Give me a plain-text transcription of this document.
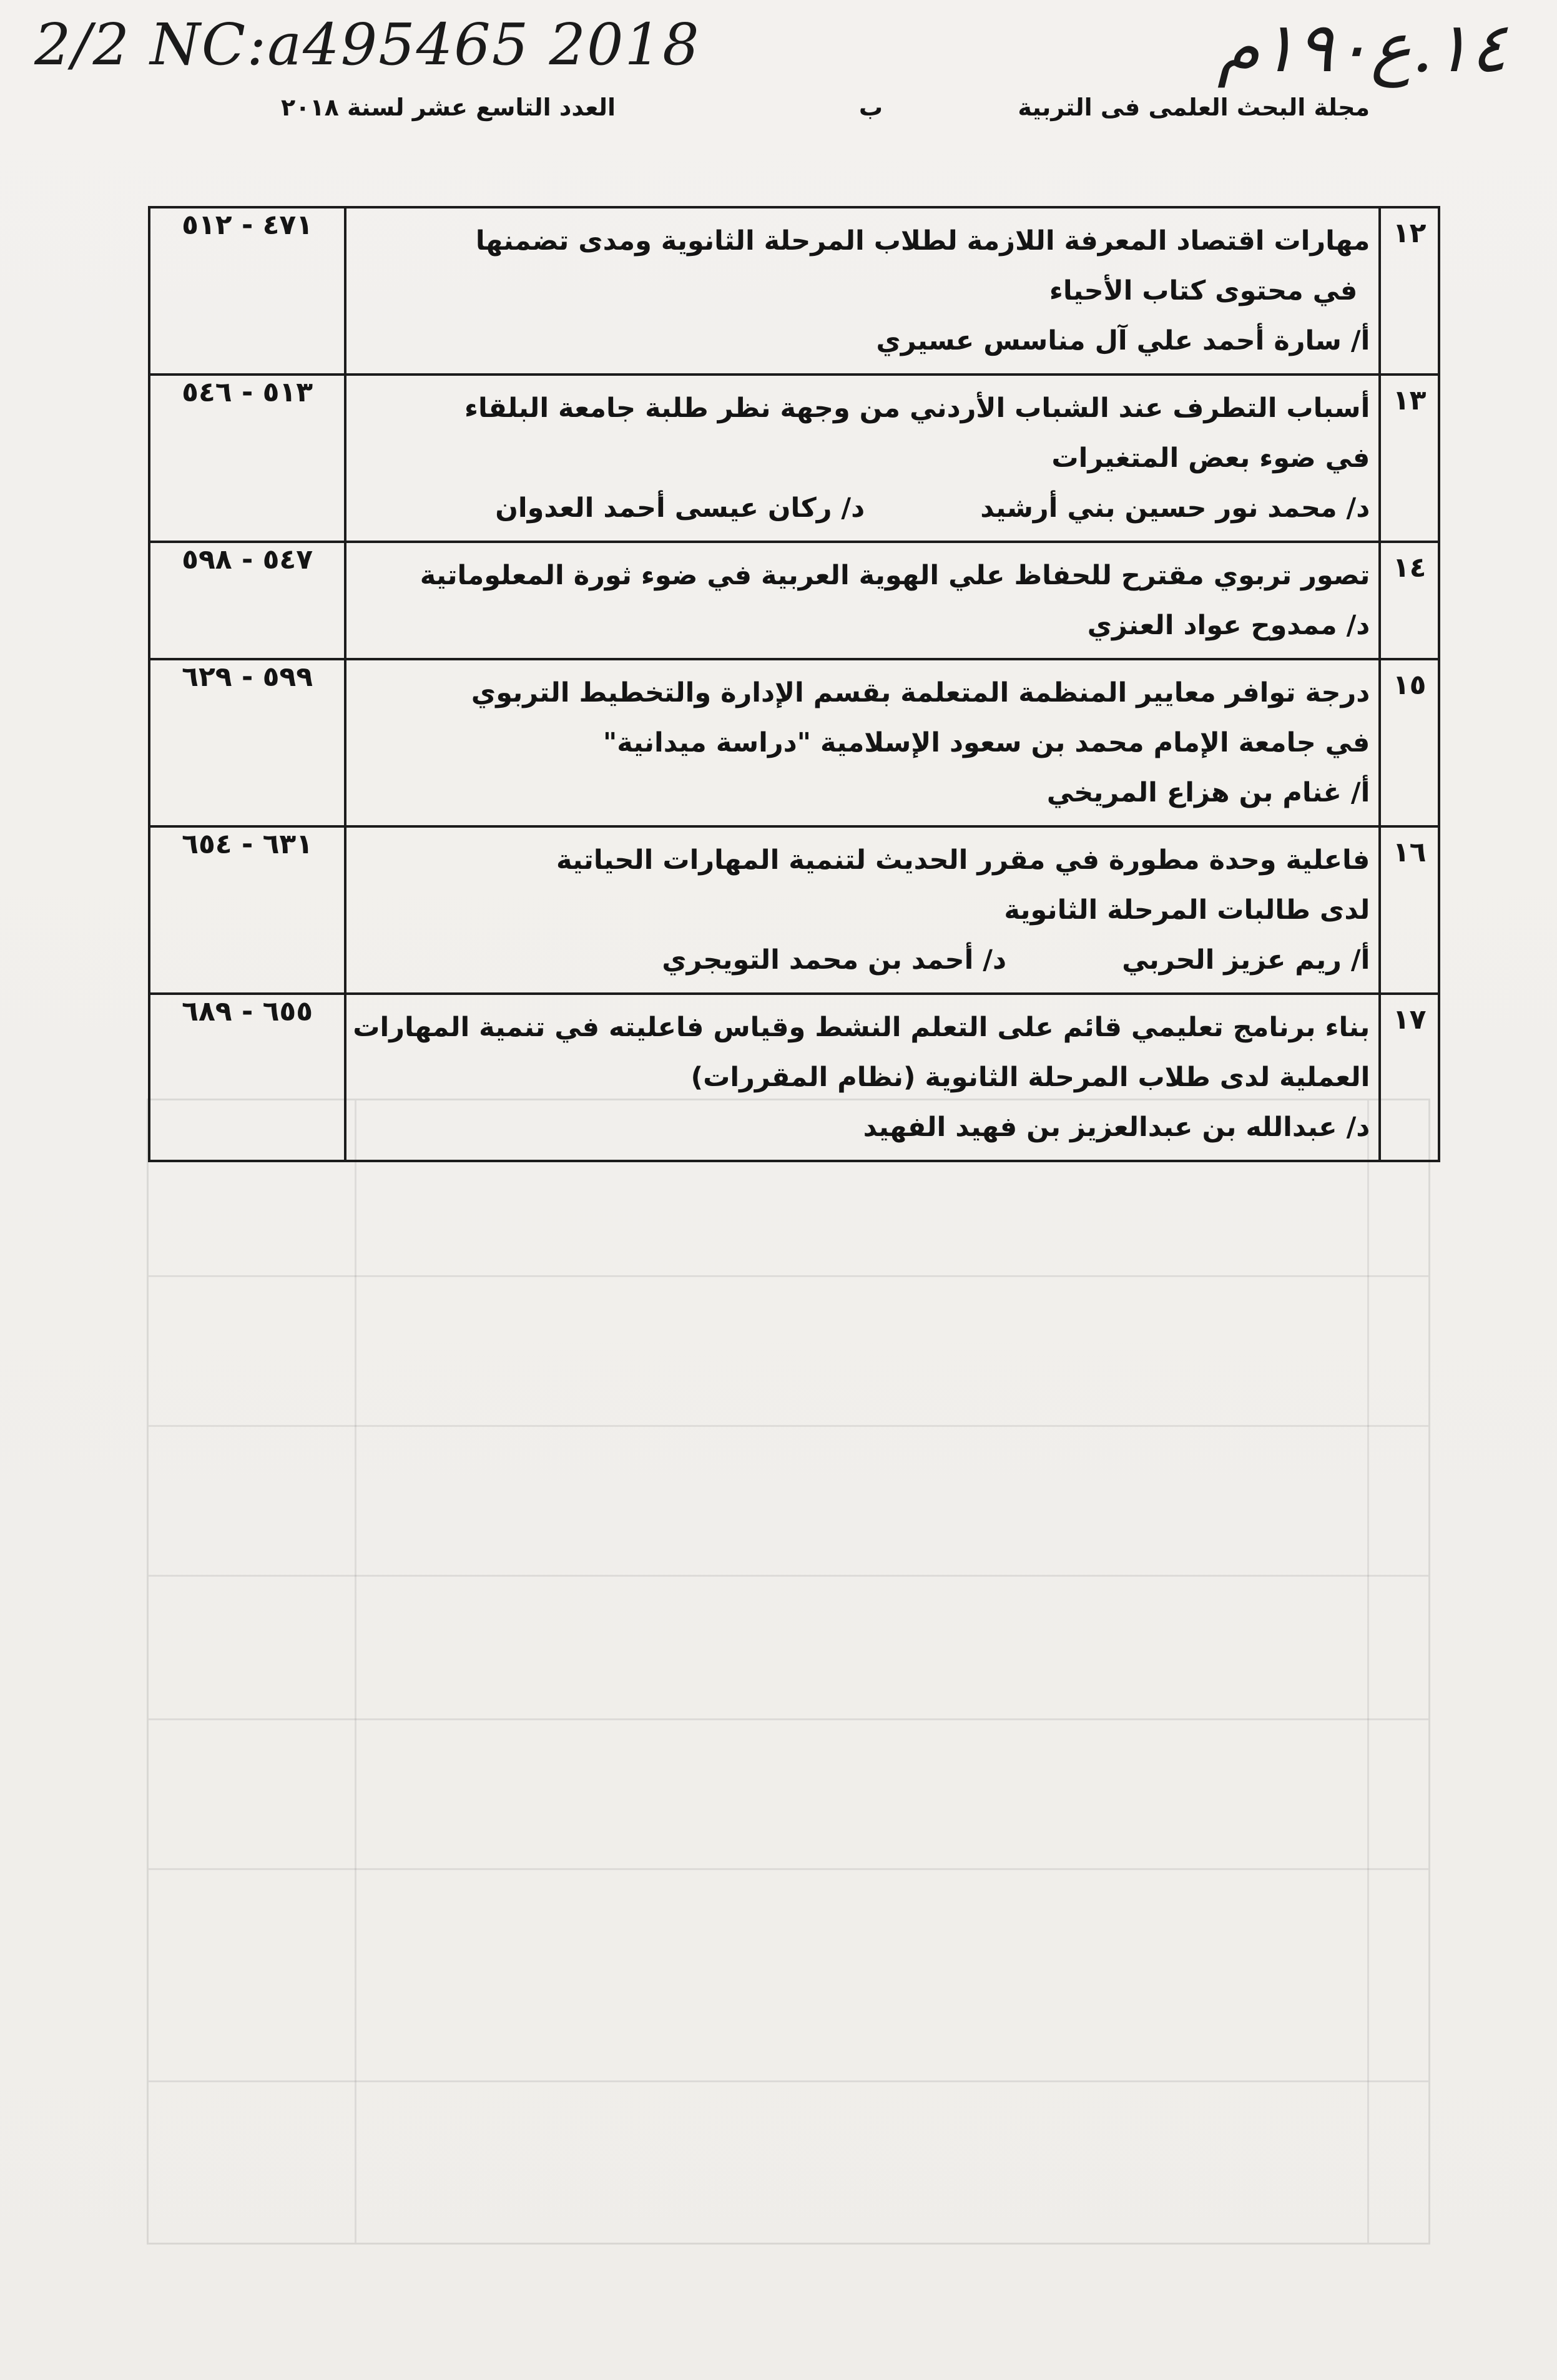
2/2 NC:a495465 2018	١٤.ع١٩٠م
مجلة البحث العلمى فى التربية
ب
العدد التاسع عشر لسنة ٢٠١٨
١٢	مهارات اقتصاد المعرفة اللازمة لطلاب المرحلة الثانوية ومدى تضمنها
في محتوى كتاب الأحياء
أ/ سارة أحمد علي آل مناسس عسيري	٤٧١ - ٥١٢
١٣	أسباب التطرف عند الشباب الأردني من وجهة نظر طلبة جامعة البلقاء
في ضوء بعض المتغيرات
د/ محمد نور حسين بني أرشيد د/ ركان عيسى أحمد العدوان	٥١٣ - ٥٤٦
١٤	تصور تربوي مقترح للحفاظ علي الهوية العربية في ضوء ثورة المعلوماتية
د/ ممدوح عواد العنزي	٥٤٧ - ٥٩٨
١٥	درجة توافر معايير المنظمة المتعلمة بقسم الإدارة والتخطيط التربوي
في جامعة الإمام محمد بن سعود الإسلامية "دراسة ميدانية"
أ/ غنام بن هزاع المريخي	٥٩٩ - ٦٢٩
١٦	فاعلية وحدة مطورة في مقرر الحديث لتنمية المهارات الحياتية
لدى طالبات المرحلة الثانوية
أ/ ريم عزيز الحربي د/ أحمد بن محمد التويجري	٦٣١ - ٦٥٤
١٧	بناء برنامج تعليمي قائم على التعلم النشط وقياس فاعليته في تنمية المهارات
العملية لدى طلاب المرحلة الثانوية (نظام المقررات)
د/ عبدالله بن عبدالعزيز بن فهيد الفهيد	٦٥٥ - ٦٨٩
